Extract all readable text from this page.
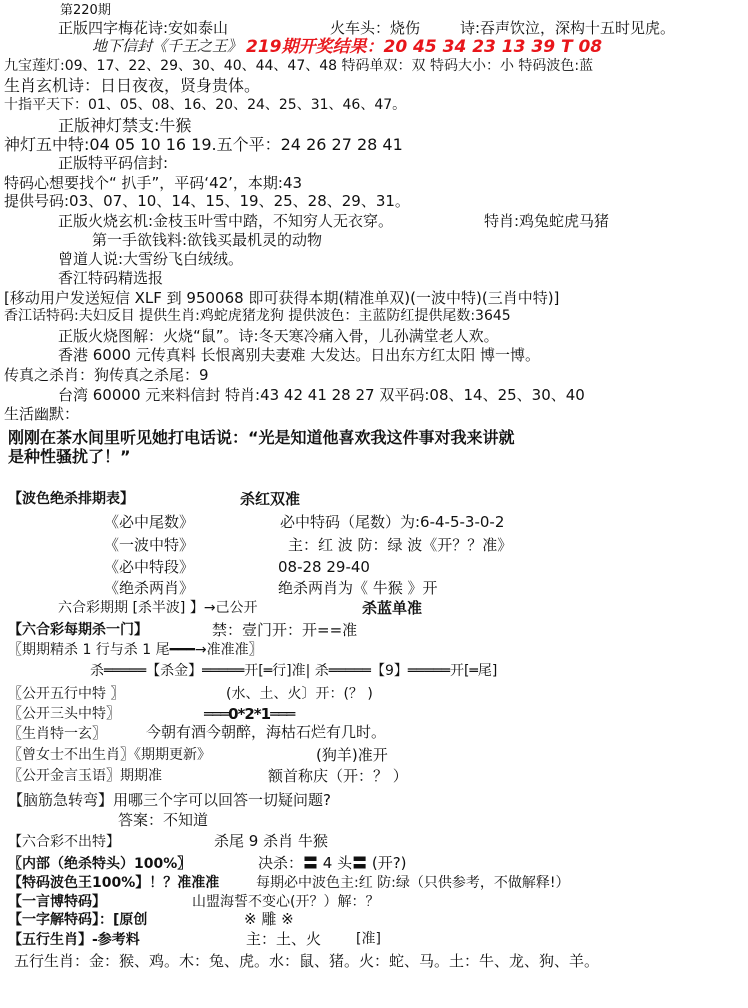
第220期
正版四字梅花诗:安如泰山	火车头：烧伤	诗:吞声饮泣，深构十五时见虎。
地下信封《千王之王》 219期开奖结果：20 45 34 23 13 39 T 08
九宝莲灯:09、17、22、29、30、40、44、47、48 特码单双：双 特码大小：小 特码波色:蓝
生肖玄机诗：日日夜夜，贤身贵体。
十指平天下：01、05、08、16、20、24、25、31、46、47。
正版神灯禁支:牛猴
神灯五中特:04 05 10 16 19.五个平：24 26 27 28 41
正版特平码信封:
特码心想要找个“ 扒手”，平码‘42’，本期:43
提供号码:03、07、10、14、15、19、25、28、29、31。
正版火烧玄机:金枝玉叶雪中踏，不知穷人无衣穿。	特肖:鸡兔蛇虎马猪
第一手欲钱料:欲钱买最机灵的动物
曾道人说:大雪纷飞白绒绒。
香江特码精选报
[移动用户发送短信 XLF 到 950068 即可获得本期(精准单双)(一波中特)(三肖中特)]
香江话特码:夫妇反目 提供生肖:鸡蛇虎猪龙狗 提供波色：主蓝防红提供尾数:3645
正版火烧图解：火烧“鼠”。诗:冬天寒冷痛入骨，儿孙满堂老人欢。
香港 6000 元传真料 长恨离别夫妻难 大发达。日出东方红太阳 博一博。
传真之杀肖：狗传真之杀尾：9
台湾 60000 元来料信封 特肖:43 42 41 28 27 双平码:08、14、25、30、40
生活幽默：
刚刚在茶水间里听见她打电话说：“光是知道他喜欢我这件事对我来讲就
是种性骚扰了！”
【波色绝杀排期表】	杀红双准
《必中尾数》	必中特码（尾数）为:6-4-5-3-0-2
《一波中特》	主：红 波 防：绿 波《开？？准》
《必中特段》	08-28 29-40
《绝杀两肖》	绝杀两肖为《 牛猴 》开
六合彩期期 [杀半波] 】→己公开	杀蓝单准
【六合彩每期杀一门】	禁：壹门开：开==准
〖期期精杀 1 行与杀 1 尾━━━→准准准〗
杀═════【杀金】═════开[═行]准| 杀═════【9】═════开[═尾]
〖公开五行中特 〗	(水、土、火〕开：(？ )
〖公开三头中特〗	═══0*2*1═══
〖生肖特一玄〗	今朝有酒今朝醉，海枯石烂有几时。
〖曾女士不出生肖〗《期期更新》	(狗羊)准开
〖公开金言玉语〗期期准	额首称庆（开：？ ）
【脑筋急转弯】用哪三个字可以回答一切疑问题?
答案：不知道
【六合彩不出特】	杀尾 9 杀肖 牛猴
〖内部（绝杀特头）100%〗	决杀：〓 4 头〓 (开?)
【特码波色王100%】！？准准准	每期必中波色主:红 防:绿（只供参考，不做解释!）
【一言博特码】	山盟海誓不变心(开？）解：？
【一字解特码】：[原创	※ 雕 ※
【五行生肖】-参考料	主：土、火 [准]
五行生肖：金：猴、鸡。木：兔、虎。水：鼠、猪。火：蛇、马。土：牛、龙、狗、羊。
